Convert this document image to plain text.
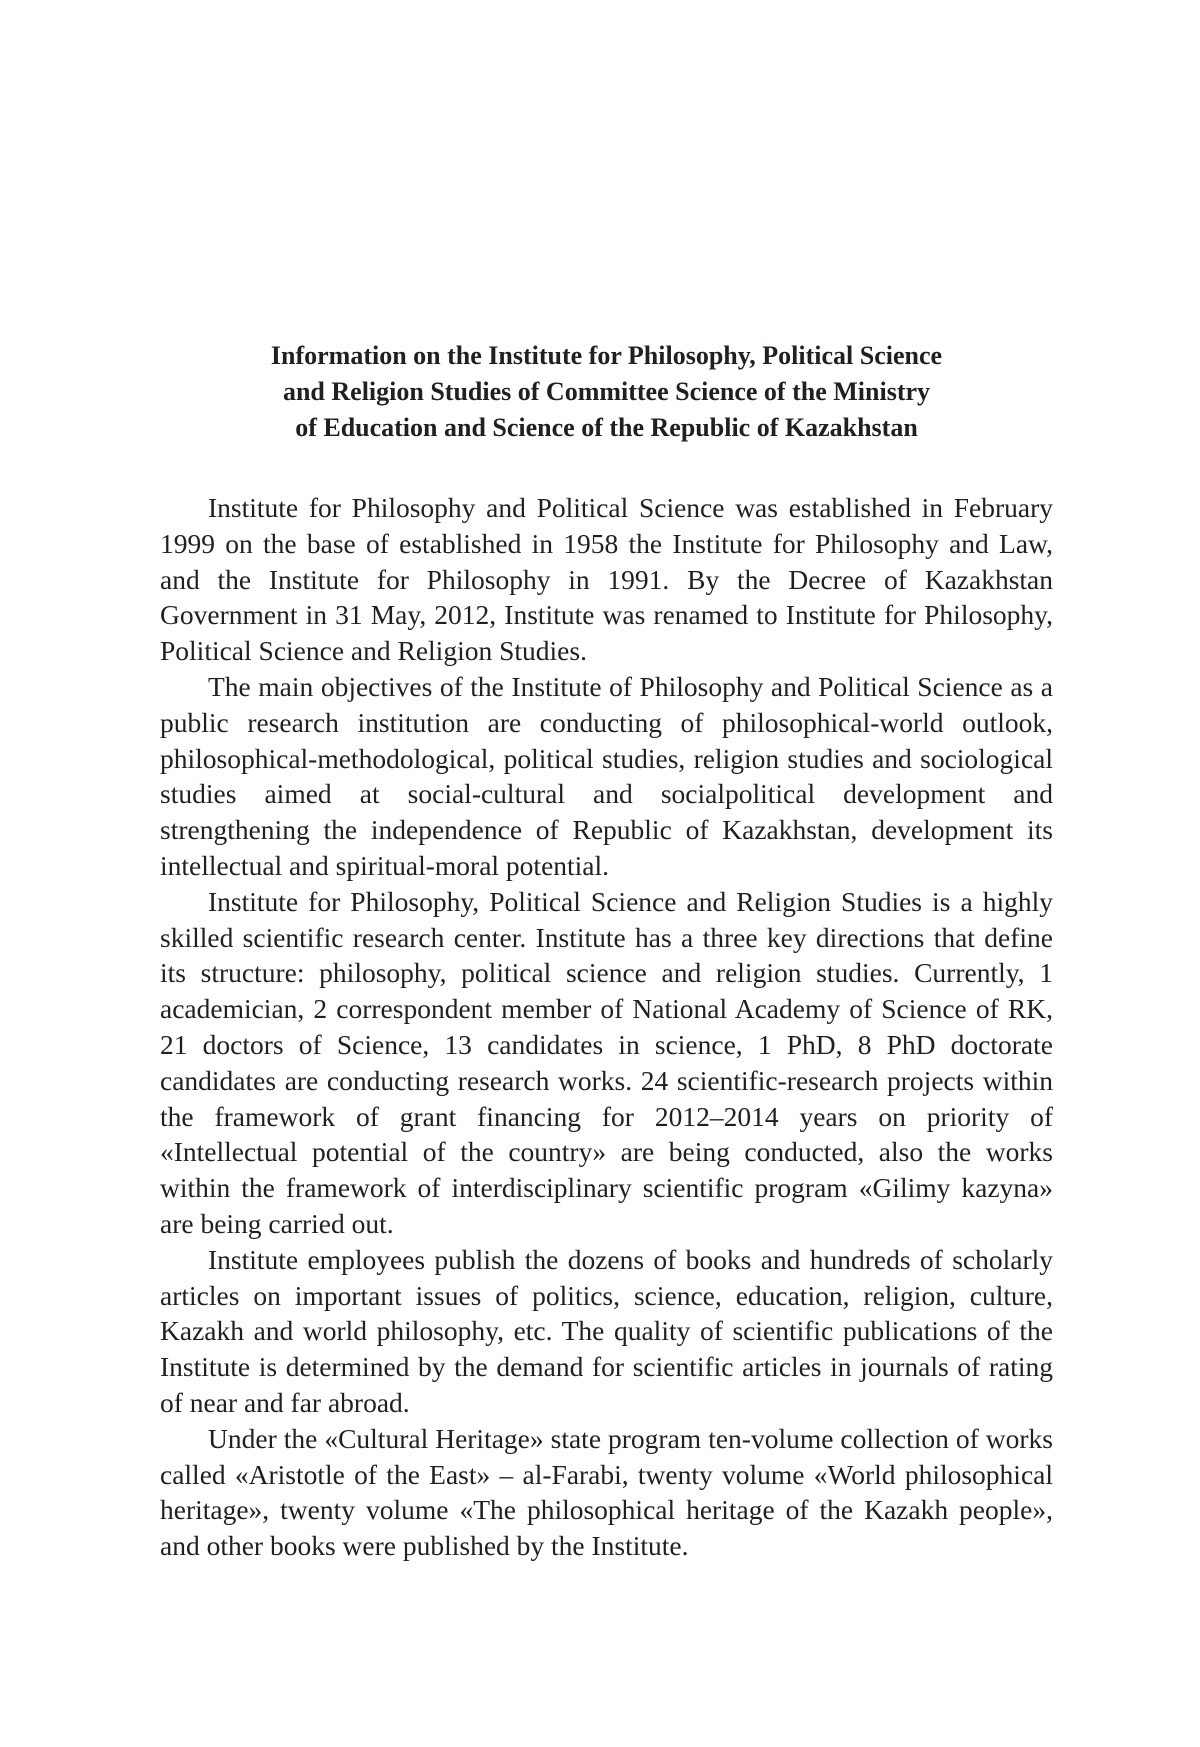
Information on the Institute for Philosophy, Political Science
and Religion Studies of Committee Science of the Ministry
of Education and Science of the Republic of Kazakhstan

Institute for Philosophy and Political Science was established in February 1999 on the base of established in 1958 the Institute for Philosophy and Law, and the Institute for Philosophy in 1991. By the Decree of Kazakhstan Government in 31 May, 2012, Institute was renamed to Institute for Philosophy, Political Science and Religion Studies.

The main objectives of the Institute of Philosophy and Political Science as a public research institution are conducting of philosophical-world outlook, philosophical-methodological, political studies, religion studies and sociological studies aimed at social-cultural and socialpolitical development and strengthening the independence of Republic of Kazakhstan, development its intellectual and spiritual-moral potential.

Institute for Philosophy, Political Science and Religion Studies is a highly skilled scientific research center. Institute has a three key directions that define its structure: philosophy, political science and religion studies. Currently, 1 academician, 2 correspondent member of National Academy of Science of RK, 21 doctors of Science, 13 candidates in science, 1 PhD, 8 PhD doctorate candidates are conducting research works. 24 scientific-research projects within the framework of grant financing for 2012–2014 years on priority of «Intellectual potential of the country» are being conducted, also the works within the framework of interdisciplinary scientific program «Gilimy kazyna» are being carried out.

Institute employees publish the dozens of books and hundreds of scholarly articles on important issues of politics, science, education, religion, culture, Kazakh and world philosophy, etc. The quality of scientific publications of the Institute is determined by the demand for scientific articles in journals of rating of near and far abroad.

Under the «Cultural Heritage» state program ten-volume collection of works called «Aristotle of the East» – al-Farabi, twenty volume «World philosophical heritage», twenty volume «The philosophical heritage of the Kazakh people», and other books were published by the Institute.
